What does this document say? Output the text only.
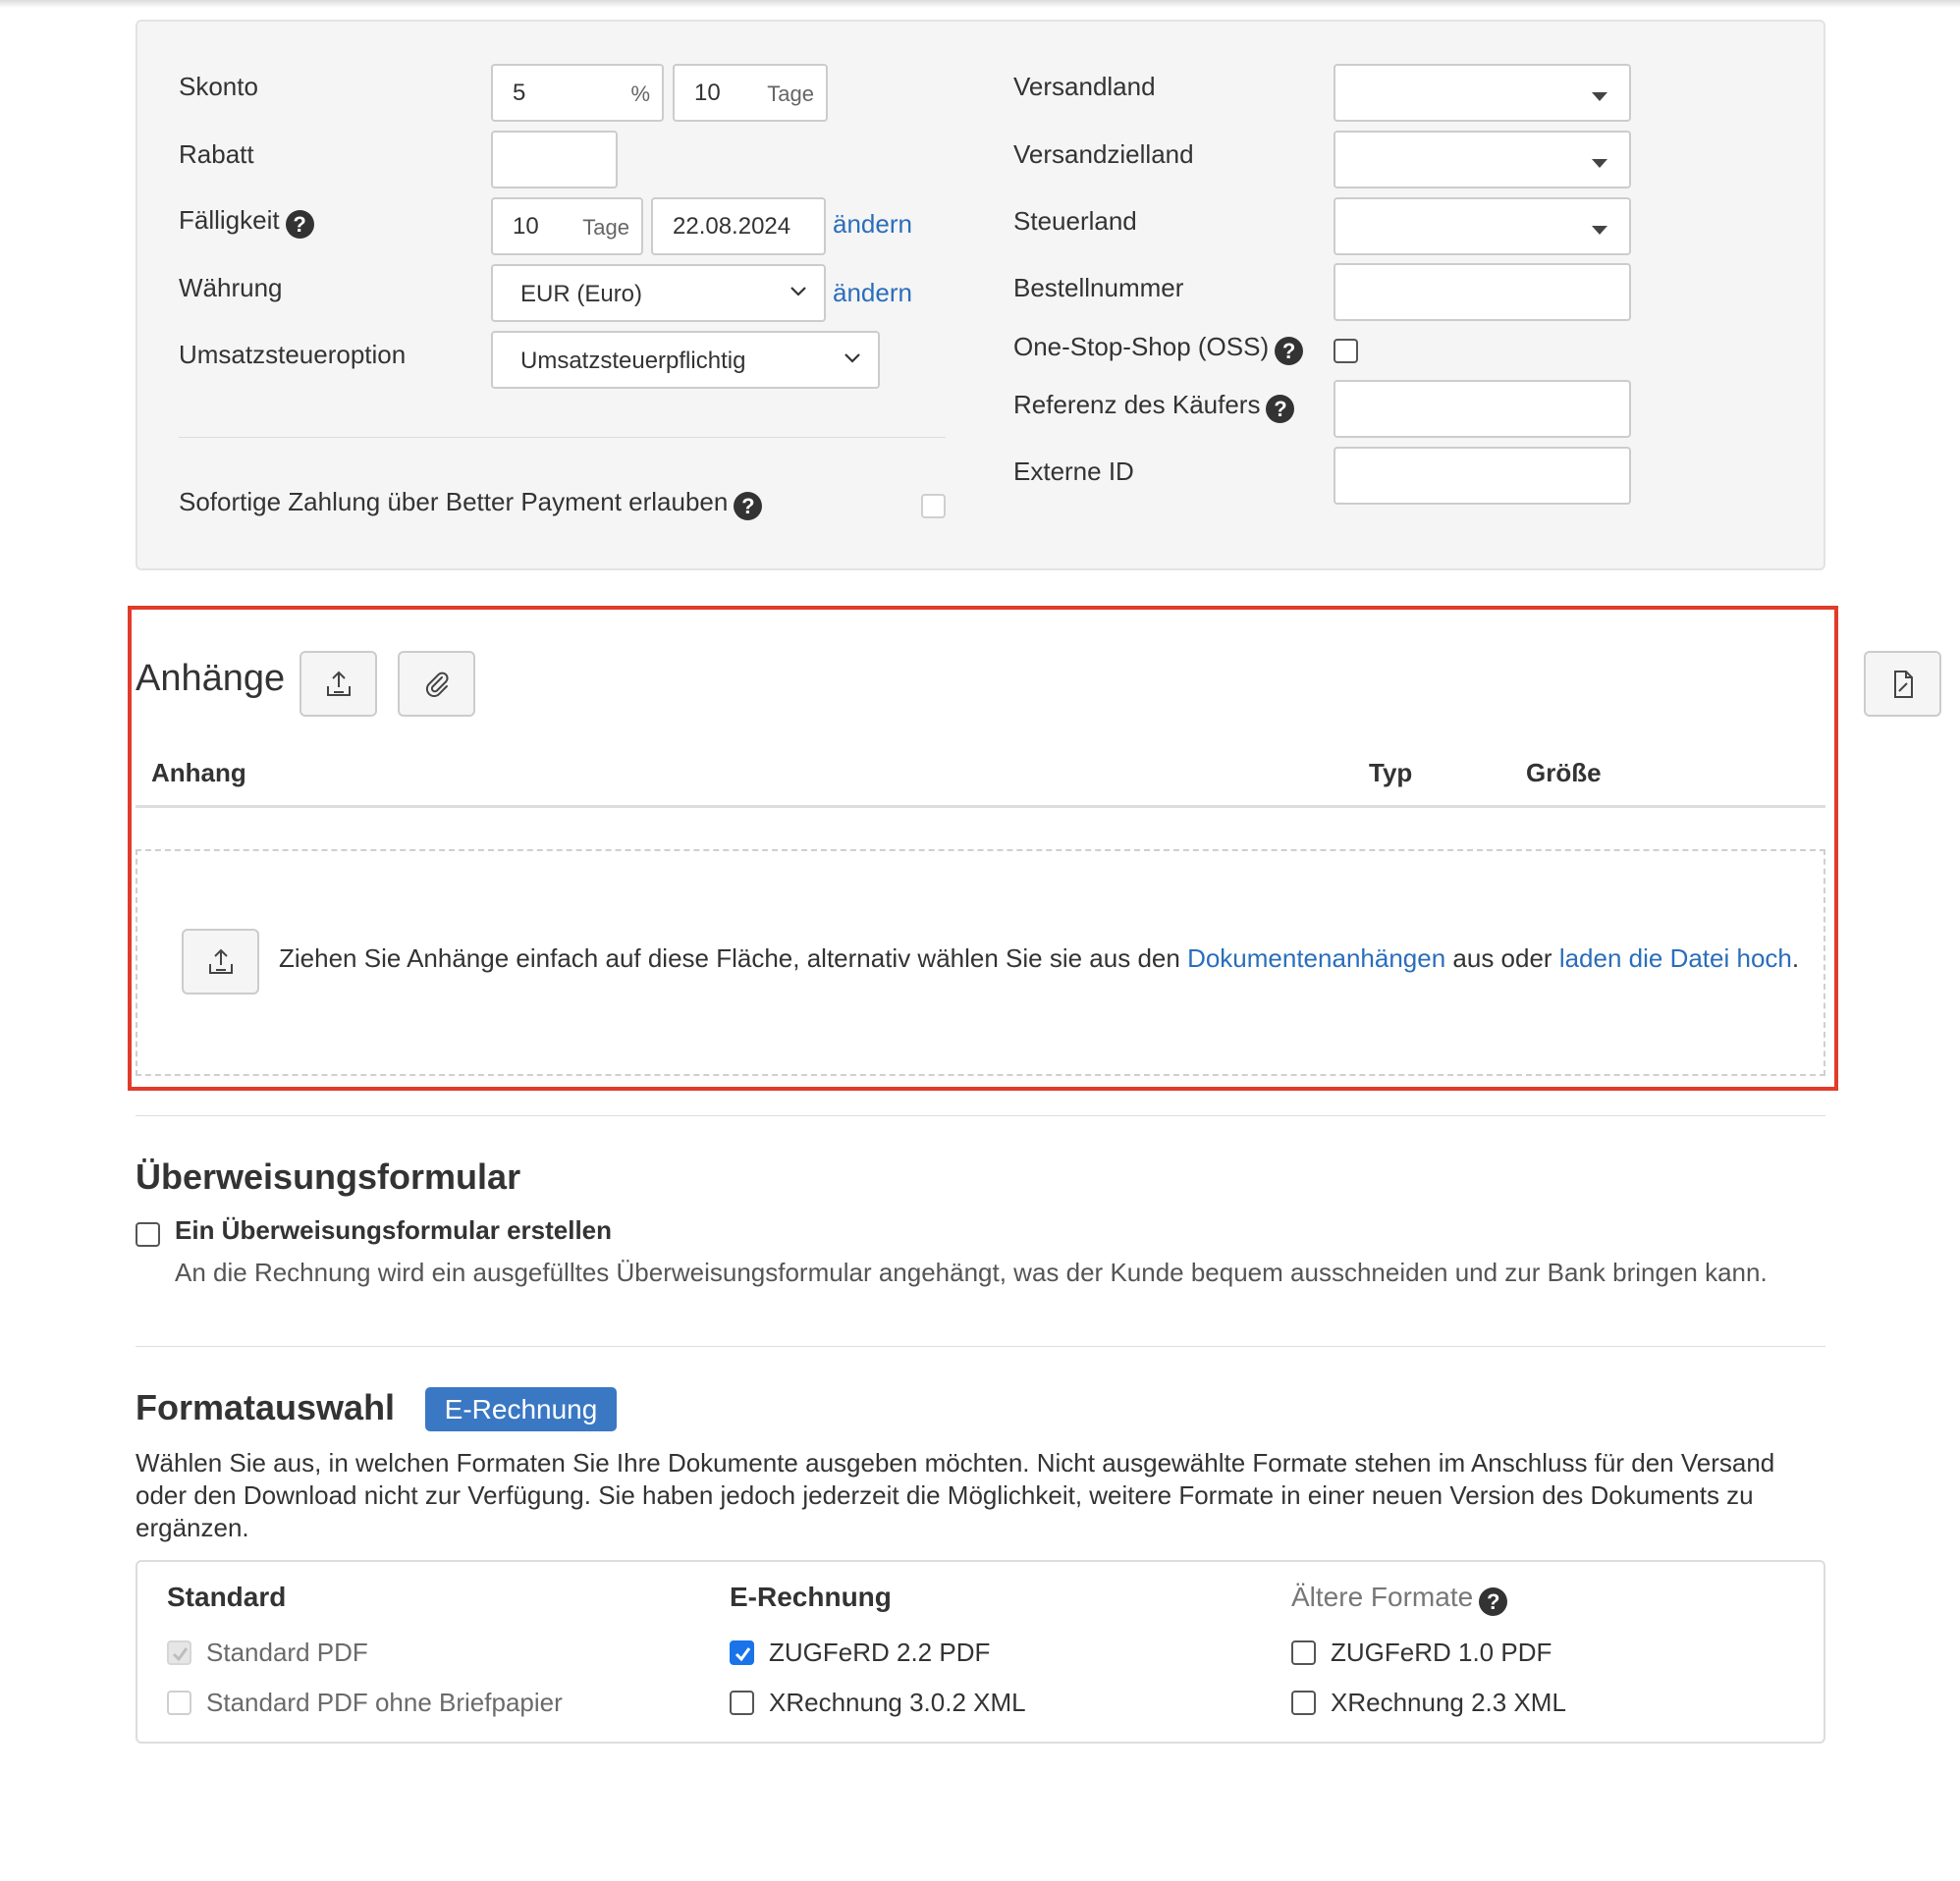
Skonto	5	% 10 Tage
Rabatt
Fälligkeit ?	10 Tage 22.08.2024 ändern
Währung	EUR (Euro)	ändern
Umsatzsteueroption	Umsatzsteuerpflichtig
Sofortige Zahlung über Better Payment erlauben ?
Versandland
Versandzielland
Steuerland
Bestellnummer
One-Stop-Shop (OSS) ?
Referenz des Käufers ?
Externe ID
Anhänge
Anhang	Typ	Größe
Ziehen Sie Anhänge einfach auf diese Fläche, alternativ wählen Sie sie aus den Dokumentenanhängen aus oder laden die Datei hoch.
Überweisungsformular
Ein Überweisungsformular erstellen
An die Rechnung wird ein ausgefülltes Überweisungsformular angehängt, was der Kunde bequem ausschneiden und zur Bank bringen kann.
Formatauswahl	E-Rechnung
Wählen Sie aus, in welchen Formaten Sie Ihre Dokumente ausgeben möchten. Nicht ausgewählte Formate stehen im Anschluss für den Versand oder den Download nicht zur Verfügung. Sie haben jedoch jederzeit die Möglichkeit, weitere Formate in einer neuen Version des Dokuments zu ergänzen.
Standard
Standard PDF
Standard PDF ohne Briefpapier
E-Rechnung
ZUGFeRD 2.2 PDF
XRechnung 3.0.2 XML
Ältere Formate ?
ZUGFeRD 1.0 PDF
XRechnung 2.3 XML
